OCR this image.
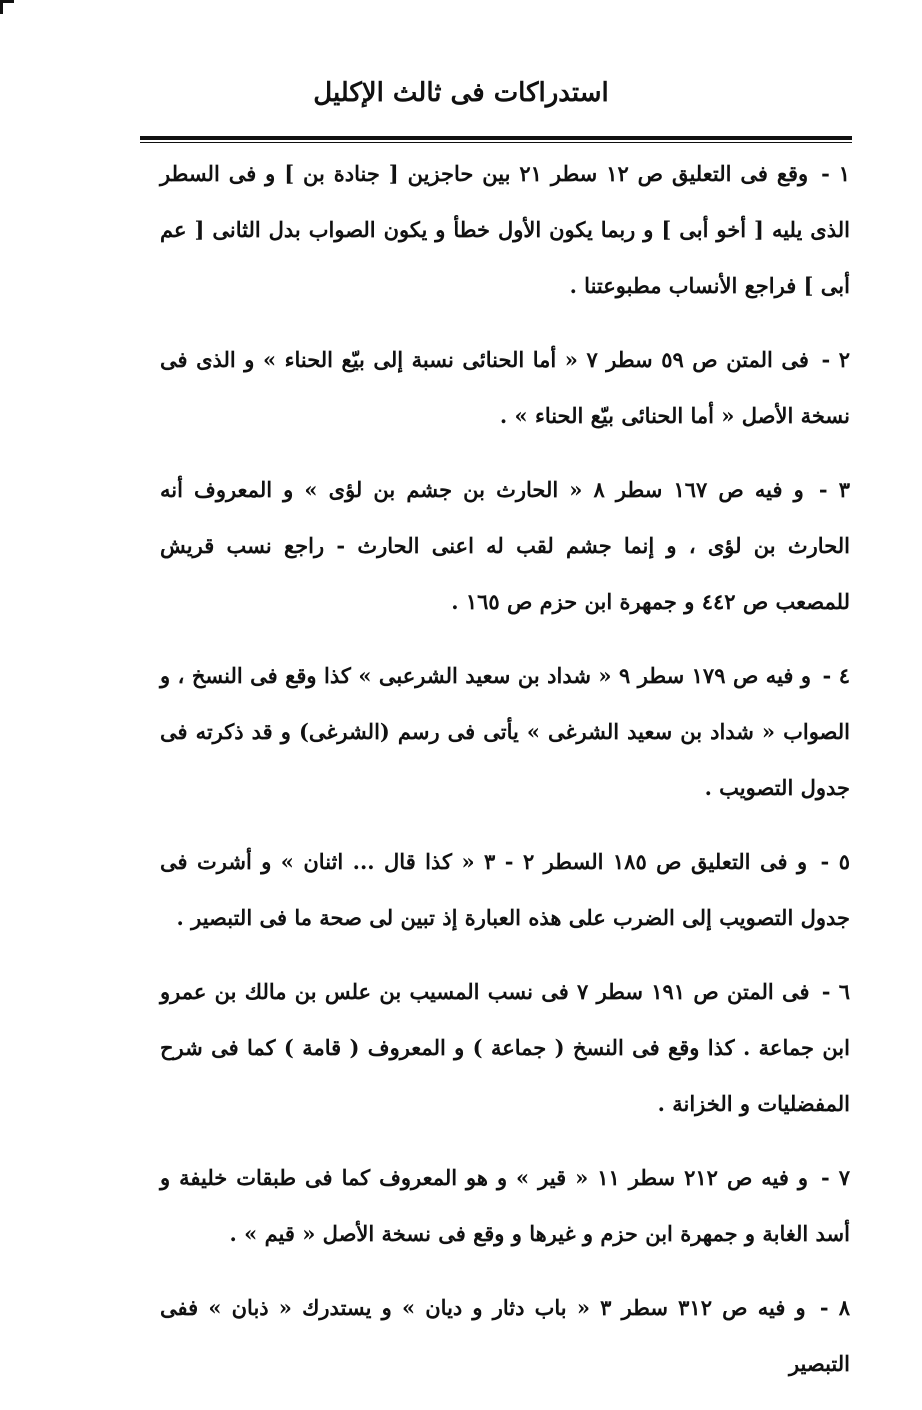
استدراكات فى ثالث الإكليل

١ - وقع فى التعليق ص ١٢ سطر ٢١ بين حاجزين [ جنادة بن ] و فى السطر الذى يليه [ أخو أبى ] و ربما يكون الأول خطأ و يكون الصواب بدل الثانى [ عم أبى ] فراجع الأنساب مطبوعتنا .

٢ - فى المتن ص ٥٩ سطر ٧ « أما الحنائى نسبة إلى بيّع الحناء » و الذى فى نسخة الأصل « أما الحنائى بيّع الحناء » .

٣ - و فيه ص ١٦٧ سطر ٨ « الحارث بن جشم بن لؤى » و المعروف أنه الحارث بن لؤى ، و إنما جشم لقب له اعنى الحارث - راجع نسب قريش للمصعب ص ٤٤٢ و جمهرة ابن حزم ص ١٦٥ .

٤ - و فيه ص ١٧٩ سطر ٩ « شداد بن سعيد الشرعبى » كذا وقع فى النسخ ، و الصواب « شداد بن سعيد الشرغى » يأتى فى رسم (الشرغى) و قد ذكرته فى جدول التصويب .

٥ - و فى التعليق ص ١٨٥ السطر ٢ - ٣ « كذا قال ... اثنان » و أشرت فى جدول التصويب إلى الضرب على هذه العبارة إذ تبين لى صحة ما فى التبصير .

٦ - فى المتن ص ١٩١ سطر ٧ فى نسب المسيب بن علس بن مالك بن عمرو ابن جماعة . كذا وقع فى النسخ ( جماعة ) و المعروف ( قامة ) كما فى شرح المفضليات و الخزانة .

٧ - و فيه ص ٢١٢ سطر ١١ « قير » و هو المعروف كما فى طبقات خليفة و أسد الغابة و جمهرة ابن حزم و غيرها و وقع فى نسخة الأصل « قيم » .

٨ - و فيه ص ٣١٢ سطر ٣ « باب دثار و ديان » و يستدرك « ذبان » ففى التبصير
